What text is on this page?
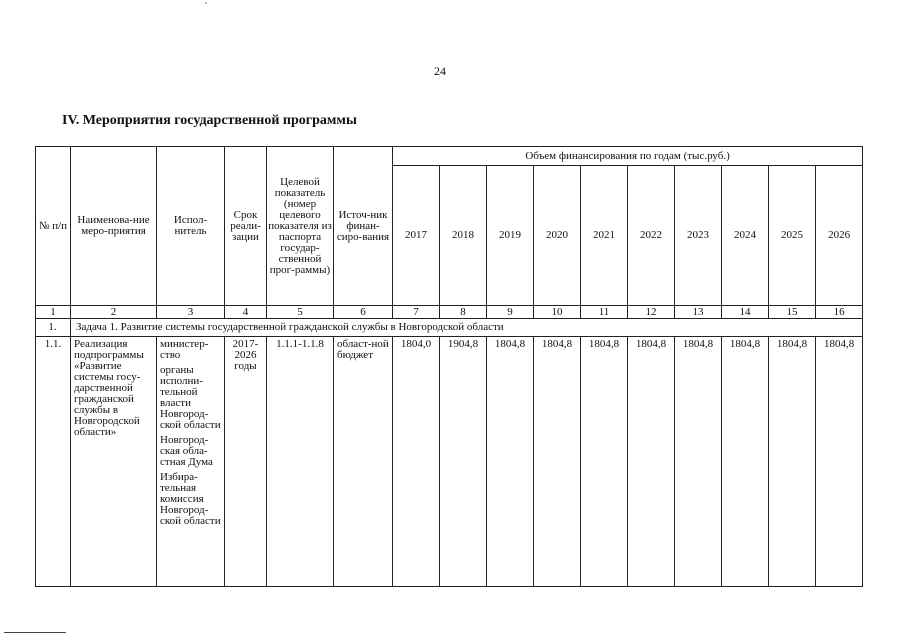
24
IV. Мероприятия государственной программы
№ п/п	Наименова-ние меро-приятия	Испол-нитель	Срок реали-зации	Целевой показатель (номер целевого показателя из паспорта государ-ственной прог-раммы)	Источ-ник финан-сиро-вания	Объем финансирования по годам (тыс.руб.)									
						2017	2018	2019	2020	2021	2022	2023	2024	2025	2026
1	2	3	4	5	6	7	8	9	10	11	12	13	14	15	16
1.	Задача 1. Развитие системы государственной гражданской службы в Новгородской области														
1.1.	Реализация подпрограммы «Развитие системы госу-дарственной гражданской службы в Новгородской области»	министер-ство
органы исполни-тельной власти Новгород-ской области
Новгород-ская обла-стная Дума
Избира-тельная комиссия Новгород-ской области	2017-2026 годы	1.1.1-1.1.8	област-ной бюджет	1804,0	1904,8	1804,8	1804,8	1804,8	1804,8	1804,8	1804,8	1804,8	1804,8
